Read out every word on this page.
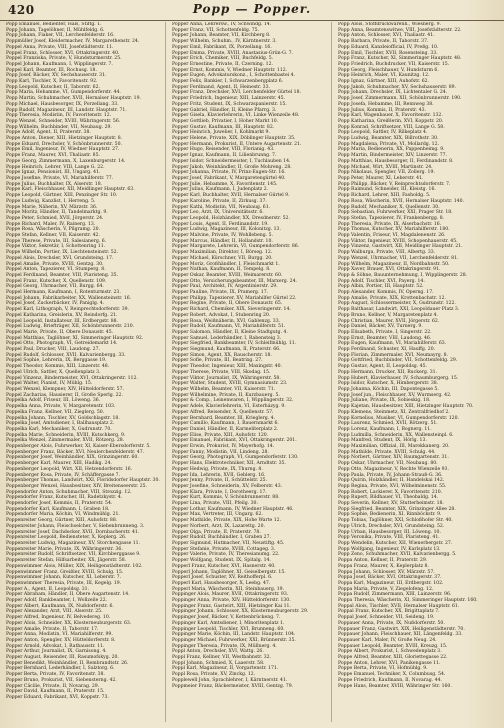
420	Popp — Popper.
Popp Emanuel, Bedienter, Hals, Stiftg. 1.
Popp Johann, Tagelöhner, II, Mühlfeldg. 6.
Popp Johann, Fiaker, VII, Lerchenfelderstr. 16.
Poppmüller Josef, Kleidermacher, IV, Margarethenstr. 24.
Poppel Anna, Private, VIII, Josefstädterstr. 11.
Poppel Franz, Schlosser, XVI, Ottakringerstr. 40.
Poppel Franziska, Private, V, Hundsturmerstr. 25.
Poppel Johann, Kaufmann, I, Wipplingerstr. 7.
Poppel Karl, Beamter, III, Rochusg. 18.
Popp Josef, Bäcker, XV, Sechshauserstr. 31.
Popp Karl, Tischler, X, Favoritenstr. 92.
Popp Leopold, Kutscher, II, Taborstr. 62.
Popp Maria, Hebamme, VI, Gumpendorferstr. 44.
Popp Martin, Schuhmacher, XVII, Hernalser Hauptstr. 19.
Popp Michael, Hausbesorger, IX, Porzellang. 33.
Popp Rudolf, Magazineur, III, Landstr. Hauptstr. 71.
Popp Theresia, Modistin, IV, Favoritenstr. 12.
Popp Wenzel, Schneider, XVIII, Währingerstr. 56.
Popp Wilhelm, Buchbinder, VII, Neubaug. 29.
Poppe Adolf, Agent, II, Praterstr. 38.
Poppe Anton, Diener, XIII, Hietzinger Hauptstr. 8.
Poppe Eduard, Drechsler, V, Schönbrunnerstr. 50.
Poppe Emil, Ingenieur, IV, Wiedner Hauptstr. 27.
Poppe Franz, Maurer, XVI, Thaliastr. 85.
Poppe Georg, Zimmermann, X, Laxenburgerstr. 14.
Poppe Heinrich, Lehrer, VIII, Lange G. 22.
Poppe Ignaz, Pensionist, III, Ungarg. 41.
Poppe Josefine, Private, VI, Mariahilferstr. 77.
Poppe Julius, Buchhalter, IX, Alserstr. 18.
Poppe Karl, Fleischhauer, XII, Meidlinger Hauptstr. 63.
Poppe Leopold, Gärtner, XIII, Penzinger Str. 10.
Poppe Ludwig, Kanzlist, I, Herreng. 5.
Poppe Marie, Näherin, XV, Märzstr. 36.
Poppe Moritz, Händler, II, Tandelmarktg. 9.
Poppe Peter, Schmied, XVII, Jörgerstr. 24.
Poppe Richard, Maler, IV, Rainerg. 13.
Poppe Rosa, Wäscherin, V, Pilgramg. 20.
Poppe Stefan, Kellner, VII, Kaiserstr. 42.
Poppe Therese, Private, III, Salesianerg. 6.
Poppe Viktor, Sekretär, I, Schottenring 11.
Poppe Wilhelm, Portier, IX, Liechtensteinstr. 52.
Poppel Alois, Drechsler, XVI, Grundsteing. 17.
Poppel Amalie, Private, XVIII, Gentzg. 30.
Poppel Anton, Tapezierer, VI, Stumperg. 8.
Poppel Ferdinand, Beamter, VIII, Piaristeng. 35.
Poppel Franz, Kutscher, X, Quellenstr. 109.
Poppel Georg, Uhrmacher, VII, Burgg. 64.
Poppel Hermann, Kaufmann, I, Rotenturmstr. 23.
Poppel Johann, Fabrikarbeiter, XX, Wallensteinstr. 16.
Poppel Josef, Zuckerbäcker, IV, Paniglg. 4.
Poppel Karl, Lithograph, V, Reinprechtsdorferstr. 39.
Poppel Katharina, Greislerin, XV, Reindorfg. 21.
Poppel Leopold, Installateur, III, Erdbergstr. 88.
Poppel Ludwig, Briefträger, XII, Schönbrunnerstr. 210.
Poppel Marie, Private, II, Obere Donaustr. 45.
Poppel Matthias, Taglöhner, XI, Simmeringer Hauptstr. 92.
Poppel Otto, Photograph, VI, Getreidemarkt 14.
Poppel Paul, Drucker, VIII, Laudong. 27.
Poppel Rudolf, Schlosser, XVII, Kalvarienbergg. 33.
Poppel Sophie, Lehrerin, IX, Berggasse 19.
Poppel Theodor, Kommis, XIII, Linzerstr. 48.
Poppel Ulrich, Sattler, X, Quellenplatz 3.
Poppel Vinzenz, Bindermeister, XVI, Ottakringerstr. 112.
Poppel Walter, Pianist, IV, Mühlg. 15.
Poppel Wenzel, Klempner, XIV, Hütteldorferstr. 57.
Poppel Zacharias, Hausierer, II, Große Sperlg. 22.
Poppelka Adolf, Friseur, III, Löweng. 36.
Poppelka Anna, Private, V, Margaretenstr. 103.
Poppelka Franz, Kellner, VII, Zieglerg. 50.
Poppelka Johann, Tischler, XV, Goldschlagstr. 18.
Poppelka Josef, Amtsdiener, I, Ballhausplatz 2.
Poppelka Karl, Mechaniker, X, Gudrunstr. 70.
Poppelka Marie, Schneiderin, XVIII, Kutschkerg. 9.
Poppelka Wenzel, Zimmermaler, XVII, Rötzerg. 28.
Poppenberger Alois, Fuhrwerker, XI, Kaiser-Ebersdorferstr. 5.
Poppenberger Franz, Bäcker, XVI, Neulerchenfelderstr. 47.
Poppenberger Josef, Weinhändler, XIX, Grinzingerstr. 60.
Poppenberger Karl, Maurer, XIII, Hadikg. 24.
Poppenberger Leopold, Wirt, XII, Hetzendorferstr. 16.
Poppenberger Rosa, Private, IV, Schäffergasse 7.
Poppenberger Thomas, Landwirt, XXI, Floridsdorfer Hauptstr. 30.
Poppenberger Wenzel, Hausbesitzer, XIV, Breitenseerstr. 25.
Poppendorfer Anton, Schuhmacher, VIII, Strozzig. 12.
Poppendorfer Franz, Kutscher, III, Radetzkystr. 4.
Poppendorfer Josef, Kommis, II, Praterstr. 54.
Poppendorfer Karl, Kaufmann, I, Graben 18.
Poppendorfer Maria, Köchin, VI, Windmühlg. 21.
Poppenreiter Georg, Gärtner, XIII, Auhofstr. 88.
Poppenreiter Johann, Fleischselcher, V, Siebenbrunneng. 3.
Poppenreiter Josef, Dachdecker, XVII, Dornbacherstr. 41.
Poppenreiter Leopold, Bediensteter, X, Keplerg. 26.
Poppenreiter Ludwig, Magazineur, XV, Storchengasse 11.
Poppenreiter Marie, Private, IX, Währingerstr. 36.
Poppenreiter Rudolf, Schriftsetzer, VII, Kirchberggasse 9.
Poppenreiter Stefan, Hilfsarbeiter, XX, Jägerstr. 58.
Poppenwimmer Alois, Müller, XIX, Heiligenstädterstr. 102.
Poppenwimmer Franz, Greißler, XVIII, Schulg. 15.
Poppenwimmer Johann, Kutscher, XI, Leberstr. 7.
Poppenwimmer Theresia, Private, III, Kegelg. 19.
Popper A., Agent, II, Leopoldsg. 31.
Popper Abraham, Händler, II, Obere Augartenstr. 14.
Popper Adolf, Bankbeamter, I, Wollzeile 22.
Popper Albert, Kaufmann, IX, Nußdorferstr. 6.
Popper Alexander, Arzt, VIII, Alserstr. 25.
Popper Alfred, Ingenieur, IV, Belvedereg. 10.
Popper Alois, Schneider, XX, Klosterneuburgerstr. 63.
Popper Amalie, Private, II, Taborstr. 17.
Popper Anna, Modistin, VI, Mariahilferstr. 99.
Popper Anton, Spengler, XV, Hütteldorferstr. 8.
Popper Arnold, Advokat, I, Rathausstr. 11.
Popper Arthur, Journalist, IX, Garnisong. 4.
Popper August, Reisender, III, Rasumofskyg. 20.
Popper Benedikt, Weinhändler, II, Rembrandtstr. 26.
Popper Bernhard, Lederhändler, I, Salztorg. 6.
Popper Berta, Private, IV, Favoritenstr. 38.
Popper Bruno, Prokurist, VII, Siebensterng. 42.
Popper Cäcilie, Private, II, Novarag. 29.
Popper David, Kaufmann, II, Praterstr. 15.
Popper Eduard, Fabrikant, XVI, Koppstr. 73.
Popper Anna, Lehrersw., IV, Schwindg. 14.
Popper Franz, VII, Schottenfeldg. 75.
Popper Johann, Beamter, VII, Kirchberg 8.
Popper Wilhelm, Schuhm., IV, Kärntnerstr. 3.
Popper Emil, Fabrikant, IX, Porzellang. 16.
Popper Emma, Private, XVIII, Anastasius-Grün-G. 7.
Popper Erich, Chemiker, VIII, Buchfeldg. 5.
Popper Ernestine, Private, II, Czerning. 12.
Popper Ernst, Kommis, V, Wiedner Hauptstr. 112.
Popper Eugen, Advokaturskonz., I, Schottenbastei 4.
Popper Felix, Bankier, I, Schwarzenbergplatz 6.
Popper Ferdinand, Agent, II, Heinestr. 33.
Popper Franz, Drechsler, XVI, Lerchenfelder Gürtel 18.
Popper Friedrich, Ingenieur, XIII, Lainzerstr. 45.
Popper Fritz, Student, IX, Schwarzspanierstr. 15.
Popper Gabriel, Händler, II, Kleine Pfarrg. 3.
Popper Gisela, Klavierlehrerin, VI, Linke Wienzeile 48.
Popper Gottlieb, Privatier, I, Hoher Markt 10.
Popper Gustav, Kaufmann, III, Hauptstr. 82.
Popper Heinrich, Juwelier, I, Kohlmarkt 9.
Popper Helene, Private, XIX, Döblinger Hauptstr. 35.
Popper Hermann, Prokurist, II, Untere Augartenstr. 21.
Popper Hugo, Reisender, VIII, Florianig. 43.
Popper Ignaz, Kaufmann, II, Lilienbrunng. 7.
Popper Isidor, Schneidermeister, I, Tuchlauben 14.
Popper Jakob, Weinhändler, II, Große Mohreng. 28.
Popper Johanna, Private, IV, Prinz-Eugen-Str. 16.
Popper Josef, Fabrikant, V, Margaretengürtel 40.
Popper Julie, Hebamme, X, Favoritenstr. 145.
Popper Julius, Kaufmann, I, Judenplatz 2.
Popper Karl, Buchhalter, XVII, Hernalser Gürtel 9.
Popper Karoline, Private, II, Zirkusg. 37.
Popper Kathi, Modistin, VII, Neubaug. 61.
Popper Leo, Arzt, IX, Universitätsstr. 6.
Popper Leopold, Holzhändler, XX, Dresdnerstr. 52.
Popper Louis, Agent, II, Ferdinandstr. 19.
Popper Ludwig, Magazineur, III, Kolonitzg. 13.
Popper Malvine, Private, IV, Wohllebeng. 5.
Popper Marcus, Händler, II, Hollandstr. 10.
Popper Margarete, Lehrerin, VI, Gumpendorferstr. 86.
Popper Maximilian, Direktor, I, Börseg. 12.
Popper Michael, Kürschner, VII, Burgg. 20.
Popper Moriz, Großhändler, I, Fleischmarkt 1.
Popper Nathan, Kaufmann, II, Tempelg. 8.
Popper Oskar, Beamter, XVIII, Weimarerstr. 60.
Popper Otto, Versicherungsbeamter, III, Marxerg. 24.
Popper Paul, Architekt, IV, Argentinierstr. 29.
Popper Pauline, Private, IX, Pramerg. 17.
Popper Philipp, Tapezierer, XV, Mariahilfer Gürtel 22.
Popper Regine, Private, II, Obere Donaustr. 65.
Popper Richard, Chemiker, XIX, Sieveringerstr. 14.
Popper Robert, Advokat, I, Stubenring 20.
Popper Rosa, Weißnäherin, XVI, Gablenzg. 33.
Popper Rudolf, Kaufmann, VI, Mariahilferstr. 51.
Popper Salomon, Händler, II, Kleine Stadtgutg. 4.
Popper Samuel, Lederhändler, I, Rabensteig 3.
Popper Siegfried, Bankbeamter, IV, Schleifmühlg. 11.
Popper Siegmund, Kaufmann, II, Praterstr. 66.
Popper Simon, Agent, XX, Rauscherstr. 18.
Popper Sofie, Private, III, Beatrixg. 27.
Popper Theodor, Ingenieur, XIII, Maxingstr. 40.
Popper Therese, Private, VIII, Skodag. 15.
Popper Viktor, Journalist, IX, Währingerstr. 58.
Popper Walter, Student, XVIII, Gymnasiumstr. 23.
Popper Wilhelm, Beamter, VII, Kaiserstr. 71.
Popper Wilhelmine, Private, II, Kurzbauerg. 5.
Popper & Comp., Leinenwaren, I, Wipplingerstr. 32.
Popper Adele, Klavierlehrerin, VI, Esterházyg. 9.
Popper Alfred, Reisender, X, Quellenstr. 57.
Popper Bernhard, Beamter, III, Krieglerg. 4.
Popper Camillo, Kaufmann, I, Bauernmarkt 6.
Popper Daniel, Händler, II, Karmeliterplatz 2.
Popper Elise, Private, XIII, Auhofstr. 120.
Popper Emanuel, Fabrikant, XVI, Ottakringerstr. 201.
Popper Erwin, Prokurist, IV, Mayerhofg. 14.
Popper Fanny, Modistin, VII, Lindeng. 28.
Popper Georg, Photograph, VI, Gumpendorferstr. 130.
Popper Hans, Elektrotechniker, XII, Arndtstr. 35.
Popper Hedwig, Private, IX, Thurng. 8.
Popper Ida, Lehrerin, XVII, Geblerg. 16.
Popper Jenny, Private, II, Schüttelstr. 25.
Popper Josefine, Schneiderin, XV, Felberstr. 43.
Popper Klara, Private, I, Dorotheerg. 17.
Popper Kurt, Kommis, V, Schönbrunnerstr. 88.
Popper Lina, Private, VIII, Pfeilg. 30.
Popper Lothar, Kaufmann, IV, Wiedner Hauptstr. 46.
Popper Max, Vertreter, III, Ungarg. 62.
Popper Mathilde, Private, XIX, Hohe Warte 12.
Popper Norbert, Arzt, IX, Lazarettg. 20.
Popper Olga, Private, II, Praterstr. 78.
Popper Rudolf, Buchhändler, I, Graben 27.
Popper Sigmund, Hutmacher, VII, Neustiftg. 45.
Popper Stefanie, Private, XVIII, Cottageg. 3.
Popper Valerie, Private, IV, Theresianumg. 22.
Popper Wolfgang, Student, IX, Spitalg. 14.
Popperl Franz, Kutscher, XVI, Hasnerstr. 40.
Popperl Johann, Taglöhner, XI, Geiselbergstr. 15.
Popperl Josef, Schuster, XV, Reithofferpl. 6.
Popperl Karl, Hausbesorger, X, Leebg. 47.
Popperl Maria, Wäscherin, XII, Steinbauerg. 19.
Poppinger Alois, Maurer, XVII, Ottakringerstr. 93.
Poppinger Anna, Private, XIV, Hütteldorferstr. 130.
Poppinger Franz, Gastwirt, XIII, Hietzinger Kai 11.
Poppinger Johann, Schlosser, XX, Klosterneuburgerstr. 29.
Poppinger Josef, Bäcker, V, Kettenbrückeng. 7.
Poppinger Karl, Amtsdiener, I, Minoritenplatz 1.
Poppinger Leopold, Tischler, XVI, Brunneng. 60.
Poppinger Marie, Köchin, III, Landstr. Hauptstr. 104.
Poppinger Michael, Fuhrwerker, XXI, Brünnerstr. 35.
Poppinger Theresia, Private, IX, Müllnerg. 4.
Poppl Anton, Drechsler, XVI, Wattg. 26.
Poppl Franz, Kellner, VII, Westbahnstr. 32.
Poppl Johann, Schmied, X, Laaerstr. 58.
Poppl Karl, Magazineur, II, Vorgartenstr. 171.
Poppl Rosa, Private, XV, Zinckg. 12.
Popplewell John, Sprachlehrer, I, Kärntnerstr. 41.
Poppmeier Franz, Bäckermeister, XVIII, Gentzg. 79.
Popp Alois, Stoffdruckwarenh., Wiesnerg. 9.
Popp Anna, Beamtenswitwe, VIII, Josefstädterstr. 22.
Popp Anton, Schlosser, XVI, Thaliastr. 41.
Popp Barbara, Private, II, Taborstr. 37.
Popp Eduard, Kanzleiofficial, IV, Preßg. 10.
Popp Emil, Tischler, XVII, Rosensteing. 33.
Popp Franz, Kutscher, XI, Simmeringer Hauptstr. 48.
Popp Friedrich, Buchdrucker, VII, Kaiserstr. 15.
Popp Georg, Fleischhauer, V, Hundsturm 6.
Popp Heinrich, Maler, VI, Kaunitzg. 12.
Popp Ignaz, Gärtner, XIII, Auhofstr. 62.
Popp Jakob, Schuhmacher, XV, Sechshauserstr. 89.
Popp Johann, Drechsler, IX, Lichtentaler G. 24.
Popp Josef, Zimmermann, XII, Schönbrunnerstr. 190.
Popp Josefa, Hebamme, III, Rennweg 38.
Popp Julius, Kommis, II, Praterstr. 43.
Popp Karl, Wagenbauer, X, Favoritenstr. 132.
Popp Katharina, Greißlerin, XVI, Koppstr. 20.
Popp Konrad, Schriftsetzer, VIII, Lange G. 58.
Popp Leopold, Sattler, IV, Rilkeplatz 4.
Popp Ludwig, Beamter, XIX, Billrothstr. 30.
Popp Magdalena, Private, VI, Mollardg. 12.
Popp Maria, Bedienerin, XX, Pappenheimg. 9.
Popp Martin, Bindermeister, XIV, Linzerstr. 77.
Popp Matthias, Hausbesorger, II, Ferdinandstr. 8.
Popp Michael, Wirt, XVIII, Martinstr. 24.
Popp Nikolaus, Spengler, VII, Zollerg. 19.
Popp Peter, Maurer, XI, Leberstr. 41.
Popp Philipp, Bäcker, V, Reinprechtsdorferstr. 7.
Popp Raimund, Schneider, III, Kleistg. 16.
Popp Richard, Lehrer, XIII, Fasholdg. 5.
Popp Rosa, Wäscherin, XVII, Hernalser Hauptstr. 140.
Popp Rudolf, Mechaniker, X, Quellenstr. 30.
Popp Sebastian, Fuhrwerker, XXI, Prager Str. 18.
Popp Stefan, Tapezierer, IV, Frankenbergg. 8.
Popp Theresia, Private, IX, Alserbachstr. 16.
Popp Thomas, Kutscher, XV, Mariahilferstr. 180.
Popp Valentin, Friseur, VI, Magdalenenstr. 26.
Popp Viktor, Ingenieur, XVIII, Schopenhauerstr. 45.
Popp Vinzenz, Gastwirt, XII, Meidlinger Hauptstr. 21.
Popp Walburga, Private, VIII, Albertg. 33.
Popp Wenzel, Uhrmacher, VII, Lerchenfelderstr. 81.
Popp Wilhelm, Magazineur, II, Nordbahnstr. 50.
Popp Xaver, Brauer, XVI, Ottakringerstr. 91.
Popp & Söhne, Bauunternehmung, I, Wipplingerstr. 28.
Popp Adolf, Tischler, XVI, Payerg. 14.
Popp Albin, Portier, III, Hauptstr. 52.
Popp Alexander, Kommis, IV, Operng. 17.
Popp Amalie, Private, XIX, Krottenbachstr. 12.
Popp August, Schlossermeister, X, Gudrunstr. 122.
Popp Balthasar, Landwirt, XXI, Leopoldauer Platz 3.
Popp Bruno, Kellner, V, Margaretenplatz 4.
Popp Christian, Maurer, XVII, Jörgerstr. 62.
Popp Daniel, Bäcker, XV, Turnerg. 9.
Popp Elisabeth, Private, I, Singerstr. 22.
Popp Ernst, Beamter, VIII, Laudong. 46.
Popp Eugen, Kaufmann, VI, Mariahilferstr. 63.
Popp Ferdinand, Schuster, XI, Hauffg. 20.
Popp Florian, Zimmermaler, XVI, Neumayrg. 8.
Popp Gottfried, Buchbinder, VII, Schottenfeldg. 29.
Popp Gustav, Agent, II, Leopoldsg. 45.
Popp Hermann, Drucker, XII, Ruckerg. 31.
Popp Hubert, Klavierbauer, IV, Schaumburgerg. 15.
Popp Isidor, Kutscher, X, Himbergerstr. 38.
Popp Johanna, Köchin, III, Dapontegasse 5.
Popp Josef jun., Fleischhauer, XV, Wurmserg. 42.
Popp Juliane, Private, IX, Sobieskig. 18.
Popp Kajetan, Hausbesitzer, XIII, Hietzinger Hauptstr. 70.
Popp Klemens, Steinmetz, XI, Zentralfriedhof 2.
Popp Kornelius, Musiker, VI, Gumpendorferstr. 120.
Popp Laurenz, Schmied, XVII, Rötzerg. 51.
Popp Lorenz, Kaufmann, I, Bognerg. 11.
Popp Ludmilla, Schneiderin, XX, Wallensteinpl. 6.
Popp Manfred, Student, IX, Hörlg. 13.
Popp Maximilian, Offizial, III, Marokkanerg. 20.
Popp Mathilde, Private, XVIII, Schulg. 44.
Popp Norbert, Gärtner, XIV, Baumgartenstr. 31.
Popp Oskar, Uhrmacher, VII, Neubaug. 80.
Popp Otto, Magazineur, V, Rechte Wienzeile 93.
Popp Paula, Private, IV, Johann-Strauß-G. 36.
Popp Quirin, Holzhändler, II, Handelskai 142.
Popp Regina, Private, XVI, Wilhelminenstr. 55.
Popp Robert, Lackierer, X, Favoritenstr. 210.
Popp Rupert, Bildhauer, VI, Theobaldg. 14.
Popp Severin, Kellner, XV, Stutterheimstr. 18.
Popp Siegfried, Beamter, XIX, Grinzinger Allee 28.
Popp Sophie, Bedienerin, XI, Rinnböckstr. 9.
Popp Tobias, Taglöhner, XXI, Schloßhofer Str. 40.
Popp Ulrich, Drechsler, XVI, Grundsteing. 52.
Popp Urban, Hausbesorger, III, Löweng. 10.
Popp Veronika, Private, VIII, Piaristeng. 41.
Popp Wendelin, Kutscher, XII, Wienerbergstr. 27.
Popp Wolfgang, Ingenieur, IV, Karlsplatz 13.
Popp Zeno, Schuhmacher, XVII, Kalvarienbergg. 5.
Poppa Anton, Kellner, II, Praterstr. 29.
Poppa Franz, Maurer, X, Keplerplatz 8.
Poppa Johann, Schlosser, XV, Märzstr. 57.
Poppa Josef, Bäcker, XVI, Ottakringerstr. 37.
Poppa Karl, Magazineur, III, Erdbergstr. 102.
Poppa Maria, Private, V, Ziegelofeng. 12.
Poppa Rudolf, Zimmermann, XIII, Lainzerstr. 96.
Poppa Theresia, Wäscherin, XI, Simmeringer Hauptstr. 160.
Poppal Alois, Tischler, XVII, Hernalser Hauptstr. 61.
Poppal Franz, Kutscher, XX, Brigittaplatz 7.
Poppal Josef, Schneider, VII, Seideng. 19.
Poppauer Anna, Private, IX, Nußdorferstr. 50.
Poppauer Franz, Gastwirt, XIX, Heiligenstädterstr. 70.
Poppauer Johann, Fleischhauer, XII, Längenfeldg. 33.
Poppauer Karl, Maler, IV, Große Neug. 24.
Poppauer Leopold, Beamter, XVIII, Kreuzg. 15.
Poppe Albert, Prokurist, I, Schwedenplatz 3.
Poppe Alfred, Beamter, XIII, Gloriettegasse 22.
Poppe Anton, Lehrer, XVI, Panikengasse 11.
Poppe Berta, Private, VI, Hofmühlg. 9.
Poppe Emanuel, Techniker, X, Columbusg. 54.
Poppe Friedrich, Kaufmann, II, Novarag. 44.
Poppe Hans, Beamter, XVIII, Währinger Str. 160.
